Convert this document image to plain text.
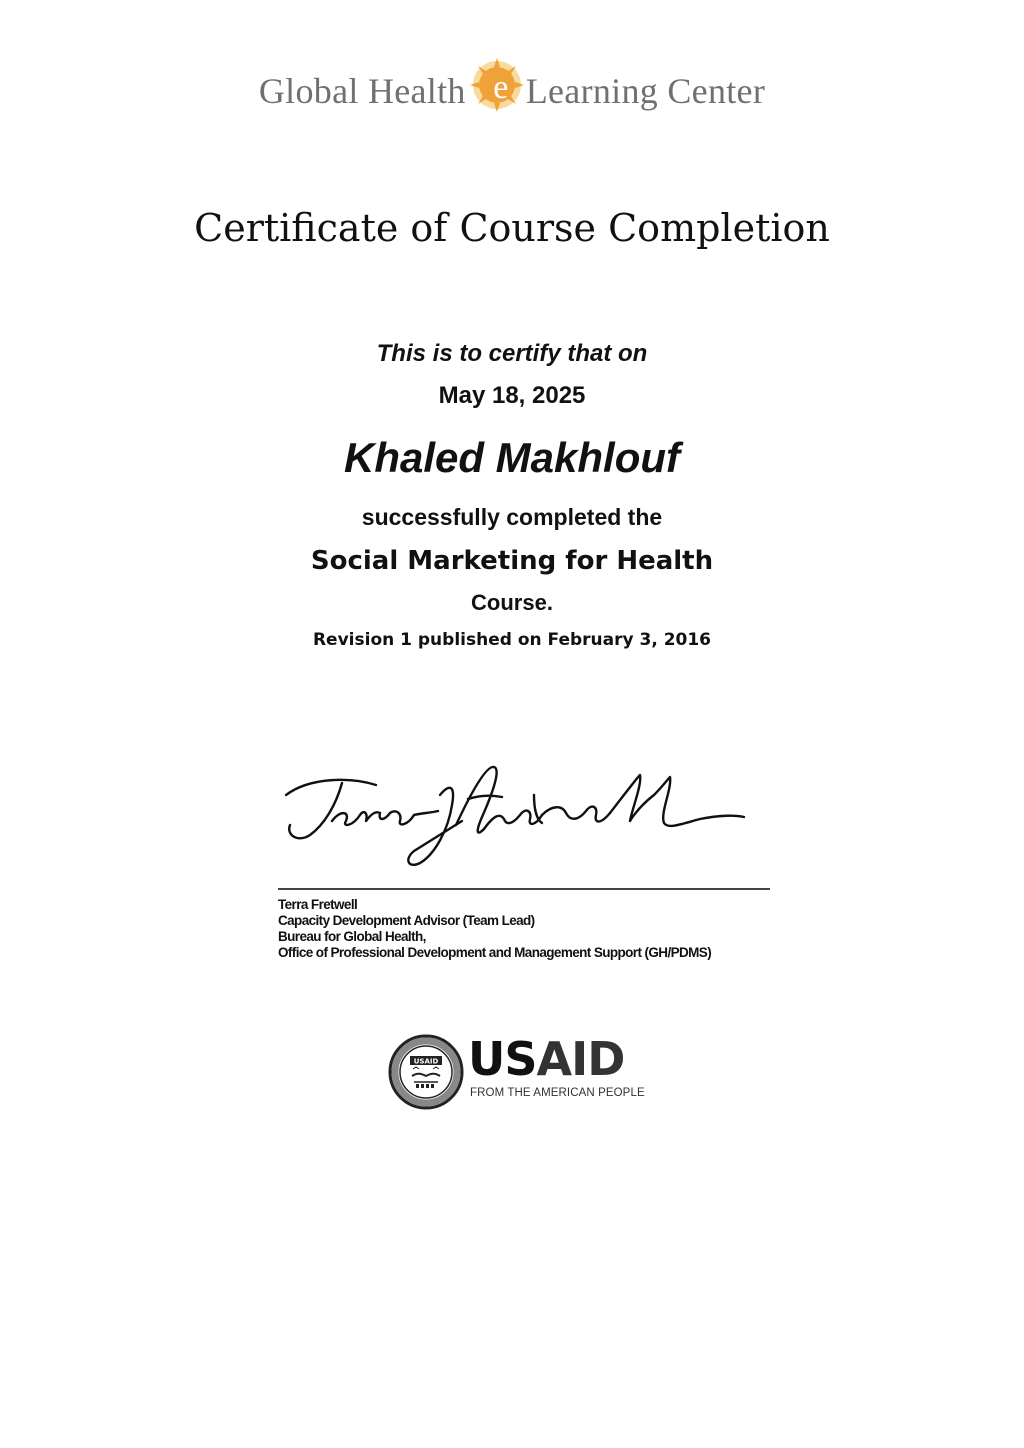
Global Health e Learning Center
Certificate of Course Completion
This is to certify that on
May 18, 2025
Khaled Makhlouf
successfully completed the
Social Marketing for Health
Course.
Revision 1 published on February 3, 2016
Terra Fretwell
Capacity Development Advisor (Team Lead)
Bureau for Global Health,
Office of Professional Development and Management Support (GH/PDMS)
USAID USAID
FROM THE AMERICAN PEOPLE
